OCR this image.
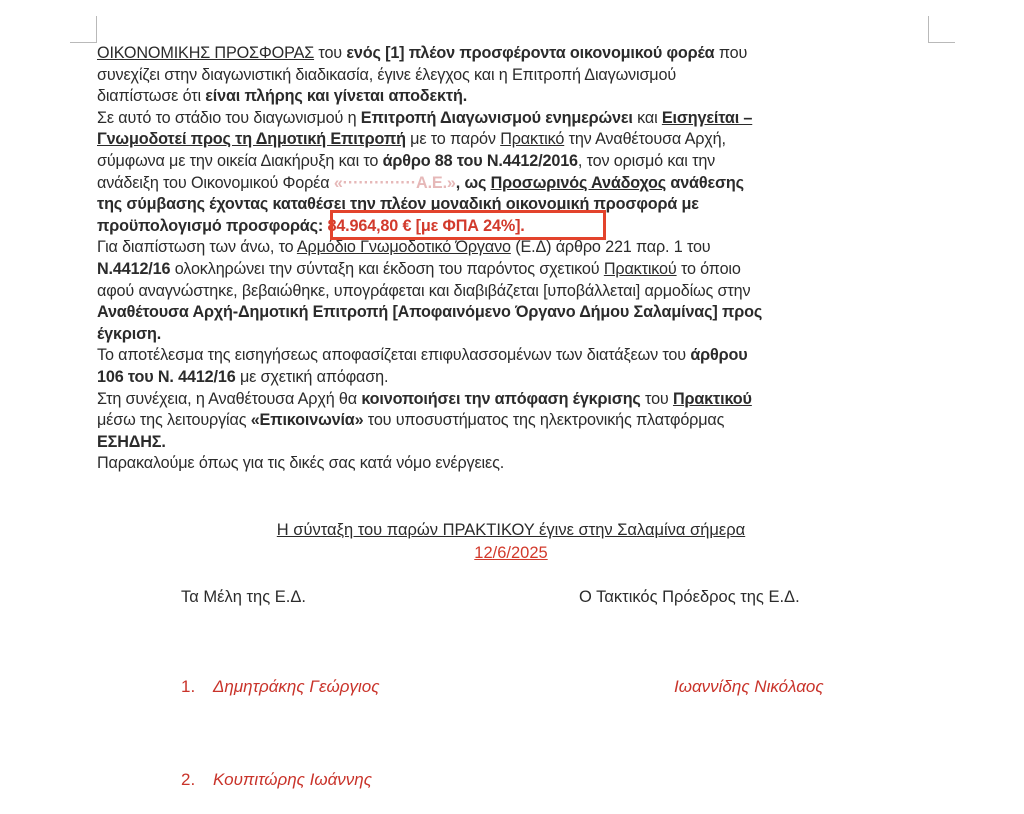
ΟΙΚΟΝΟΜΙΚΗΣ ΠΡΟΣΦΟΡΑΣ του ενός [1] πλέον προσφέροντα οικονομικού φορέα που
συνεχίζει στην διαγωνιστική διαδικασία, έγινε έλεγχος και η Επιτροπή Διαγωνισμού
διαπίστωσε ότι είναι πλήρης και γίνεται αποδεκτή.
Σε αυτό το στάδιο του διαγωνισμού η Επιτροπή Διαγωνισμού ενημερώνει και Εισηγείται –
Γνωμοδοτεί προς τη Δημοτική Επιτροπή με το παρόν Πρακτικό την Αναθέτουσα Αρχή,
σύμφωνα με την οικεία Διακήρυξη και το άρθρο 88 του Ν.4412/2016, τον ορισμό και την
ανάδειξη του Οικονομικού Φορέα «··············Α.Ε.», ως Προσωρινός Ανάδοχος ανάθεσης
της σύμβασης έχοντας καταθέσει την πλέον μοναδική οικονομική προσφορά με
προϋπολογισμό προσφοράς: 84.964,80 € [με ΦΠΑ 24%].
Για διαπίστωση των άνω, το Αρμόδιο Γνωμοδοτικό Όργανο (Ε.Δ) άρθρο 221 παρ. 1 του
Ν.4412/16 ολοκληρώνει την σύνταξη και έκδοση του παρόντος σχετικού Πρακτικού το όποιο
αφού αναγνώστηκε, βεβαιώθηκε, υπογράφεται και διαβιβάζεται [υποβάλλεται] αρμοδίως στην
Αναθέτουσα Αρχή-Δημοτική Επιτροπή [Αποφαινόμενο Όργανο Δήμου Σαλαμίνας] προς
έγκριση.
Το αποτέλεσμα της εισηγήσεως αποφασίζεται επιφυλασσομένων των διατάξεων του άρθρου
106 του Ν. 4412/16 με σχετική απόφαση.
Στη συνέχεια, η Αναθέτουσα Αρχή θα κοινοποιήσει την απόφαση έγκρισης του Πρακτικού
μέσω της λειτουργίας «Επικοινωνία» του υποσυστήματος της ηλεκτρονικής πλατφόρμας
ΕΣΗΔΗΣ.
Παρακαλούμε όπως για τις δικές σας κατά νόμο ενέργειες.
Η σύνταξη του παρών ΠΡΑΚΤΙΚΟΥ έγινε στην Σαλαμίνα σήμερα
12/6/2025
Τα Μέλη της Ε.Δ.	Ο Τακτικός Πρόεδρος της Ε.Δ.
1. Δημητράκης Γεώργιος
2. Κουπιτώρης Ιωάννης
Ιωαννίδης Νικόλαος
